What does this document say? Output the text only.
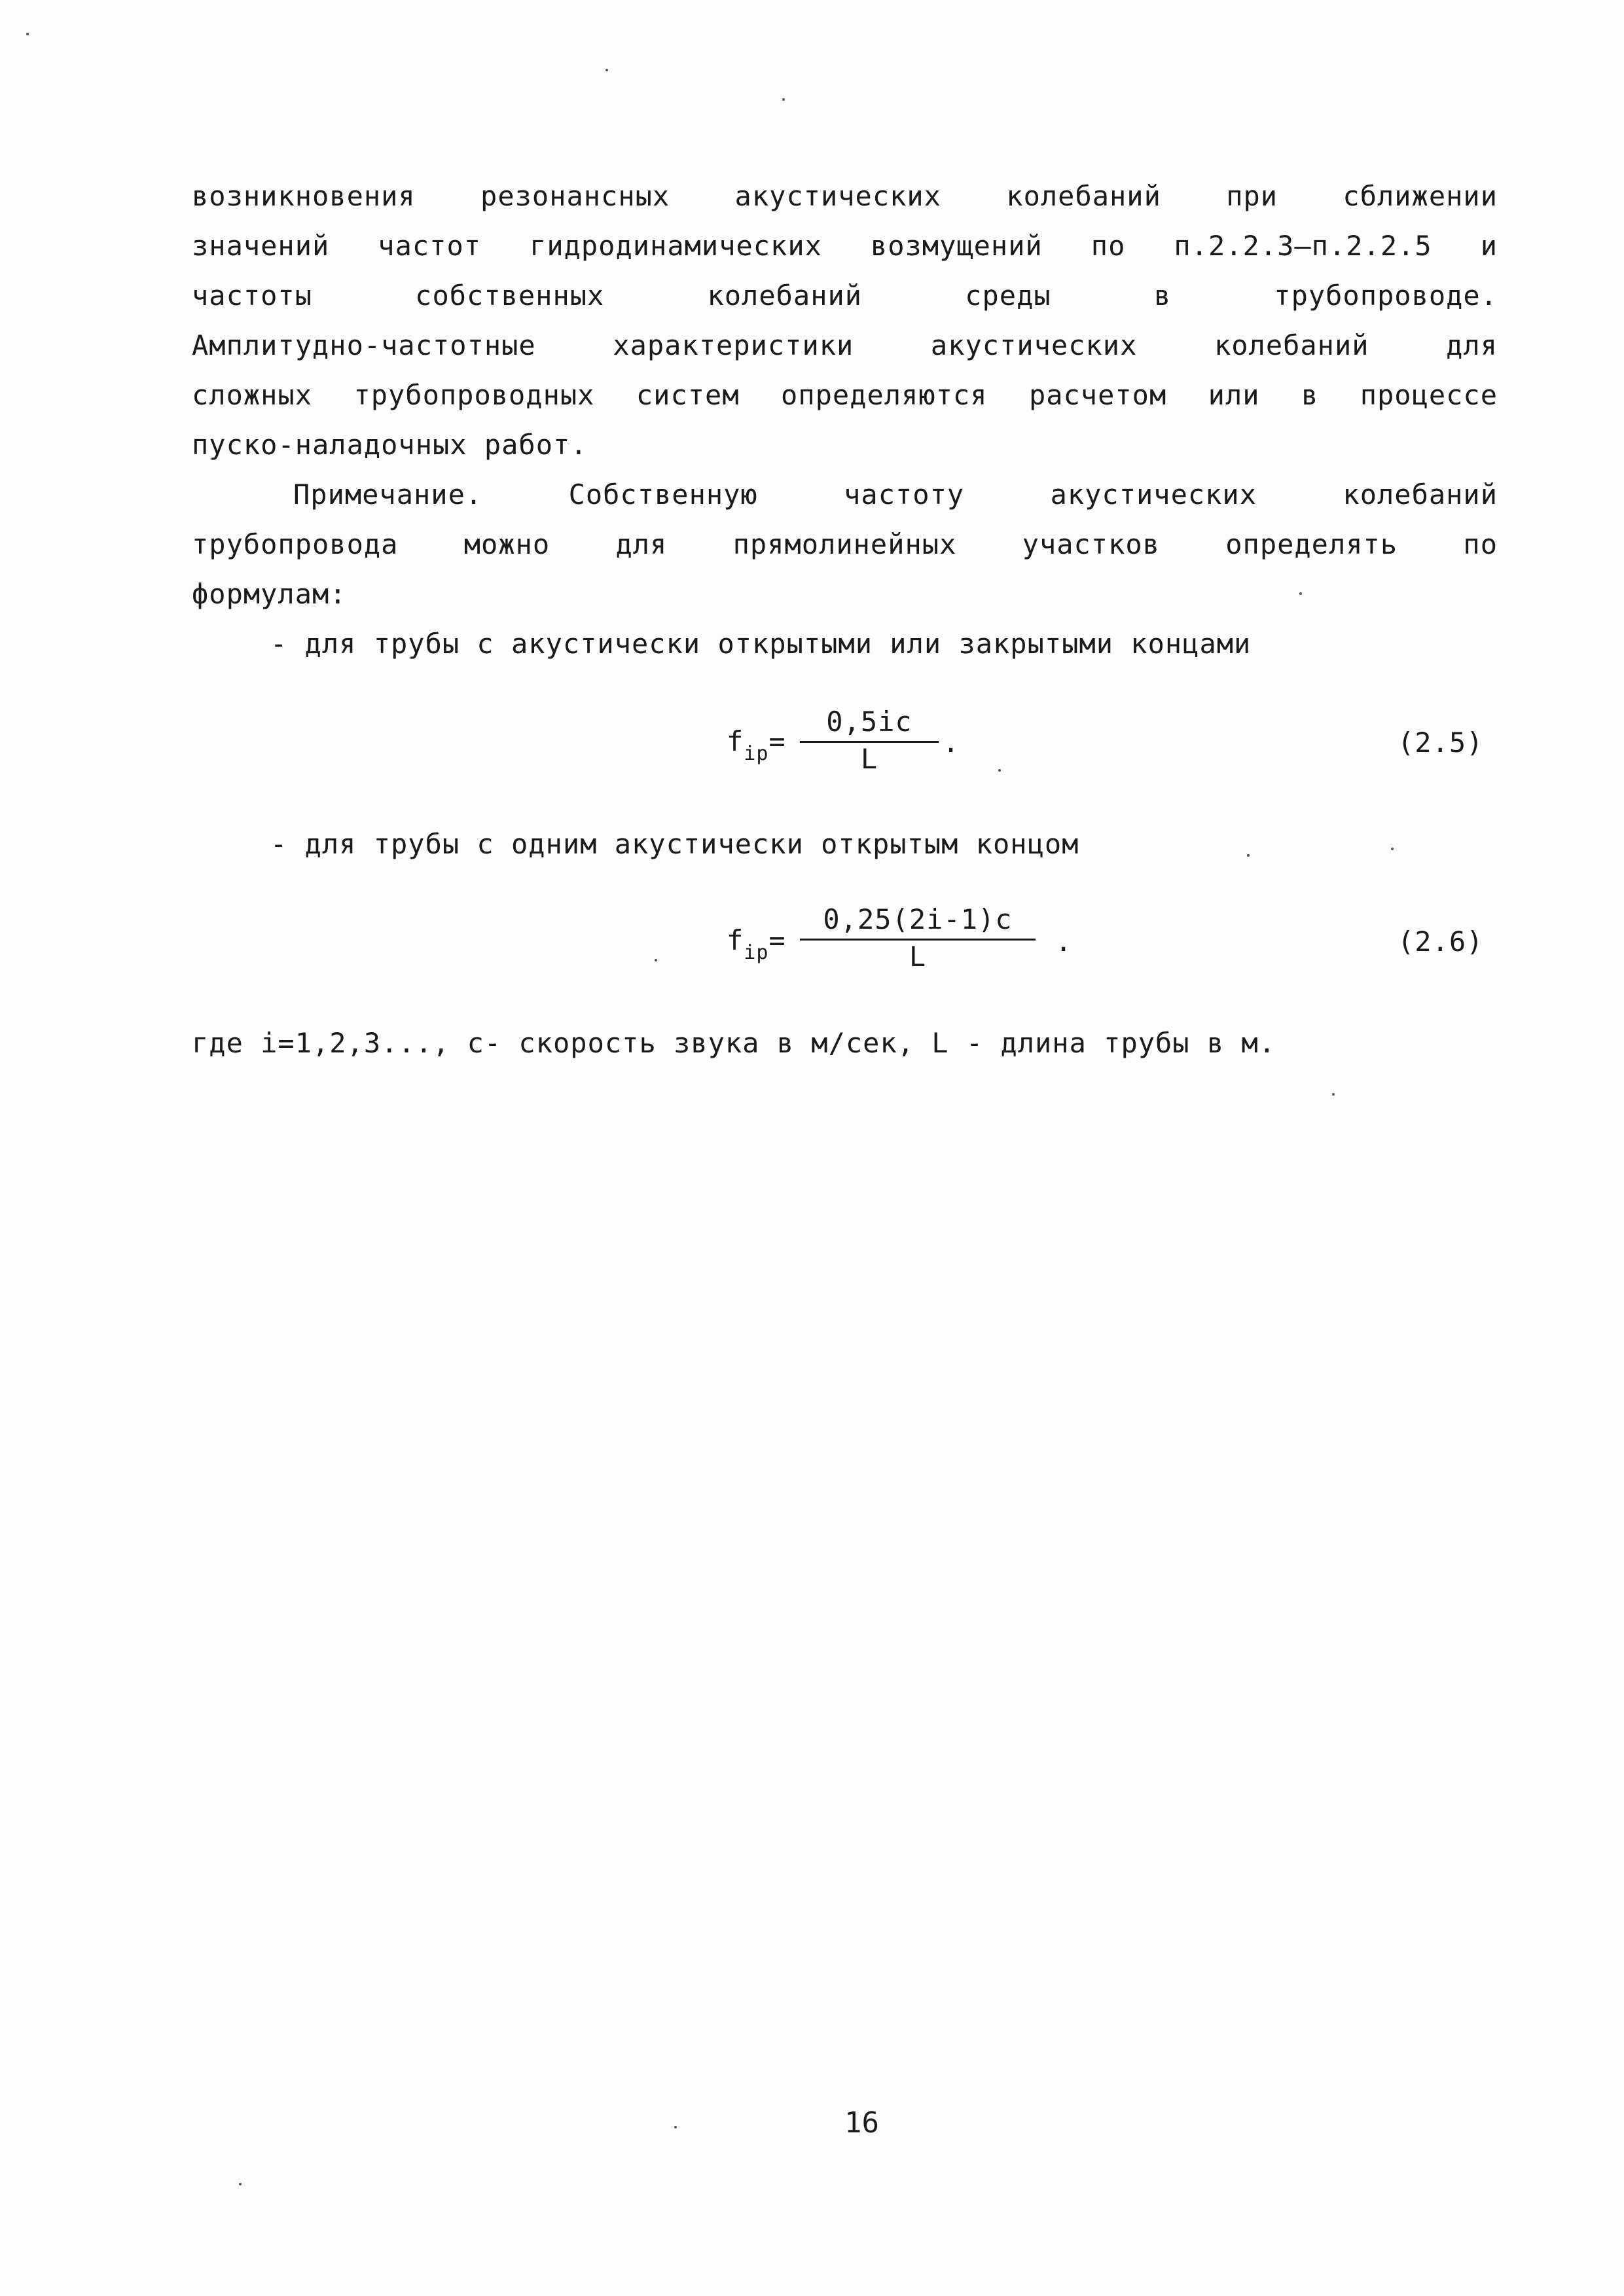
возникновения резонансных акустических колебаний при сближении
значений частот гидродинамических возмущений по п.2.2.3–п.2.2.5 и
частоты собственных колебаний среды в трубопроводе.
Амплитудно-частотные характеристики акустических колебаний для
сложных трубопроводных систем определяются расчетом или в процессе
пуско-наладочных работ.
Примечание. Собственную частоту акустических колебаний
трубопровода можно для прямолинейных участков определять по
формулам:
- для трубы с акустически открытыми или закрытыми концами
$f_{ip}=$
0,5ic
L
.	(2.5)
- для трубы с одним акустически открытым концом
$f_{ip}=$
0,25(2i-1)c
L	.	(2.6)
где i=1,2,3..., c- скорость звука в м/сек, L - длина трубы в м.
16
